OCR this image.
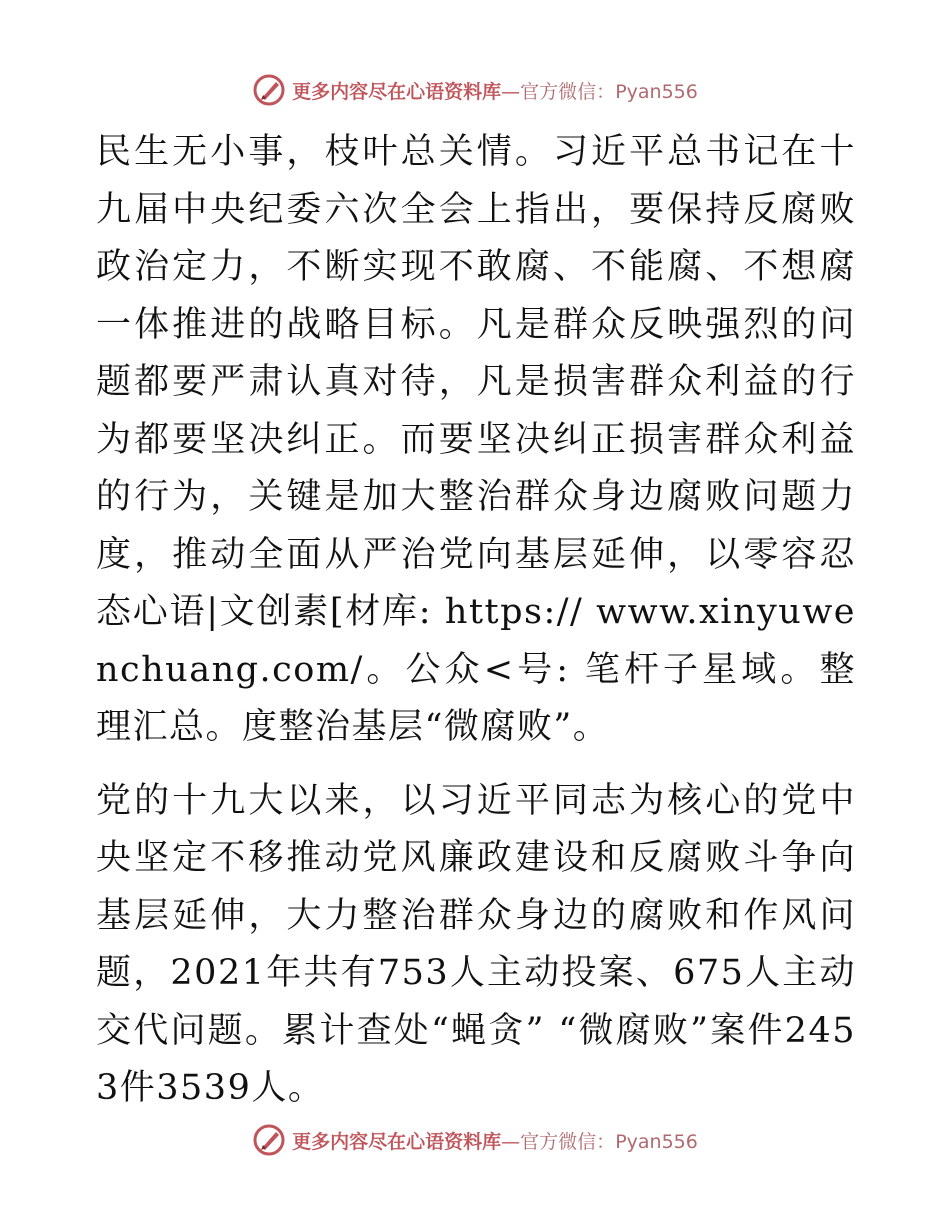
更多内容尽在心语资料库—官方微信：Pyan556

民生无小事，枝叶总关情。习近平总书记在十九届中央纪委六次全会上指出，要保持反腐败政治定力，不断实现不敢腐、不能腐、不想腐一体推进的战略目标。凡是群众反映强烈的问题都要严肃认真对待，凡是损害群众利益的行为都要坚决纠正。而要坚决纠正损害群众利益的行为，关键是加大整治群众身边腐败问题力度，推动全面从严治党向基层延伸，以零容忍态心语|文创素[材库: https:// www.xinyuwenchuang.com/。公众<号: 笔杆子星域。整理汇总。度整治基层“微腐败”。

党的十九大以来，以习近平同志为核心的党中央坚定不移推动党风廉政建设和反腐败斗争向基层延伸，大力整治群众身边的腐败和作风问题，2021年共有753人主动投案、675人主动交代问题。累计查处“蝇贪” “微腐败”案件2453件3539人。

更多内容尽在心语资料库—官方微信：Pyan556
